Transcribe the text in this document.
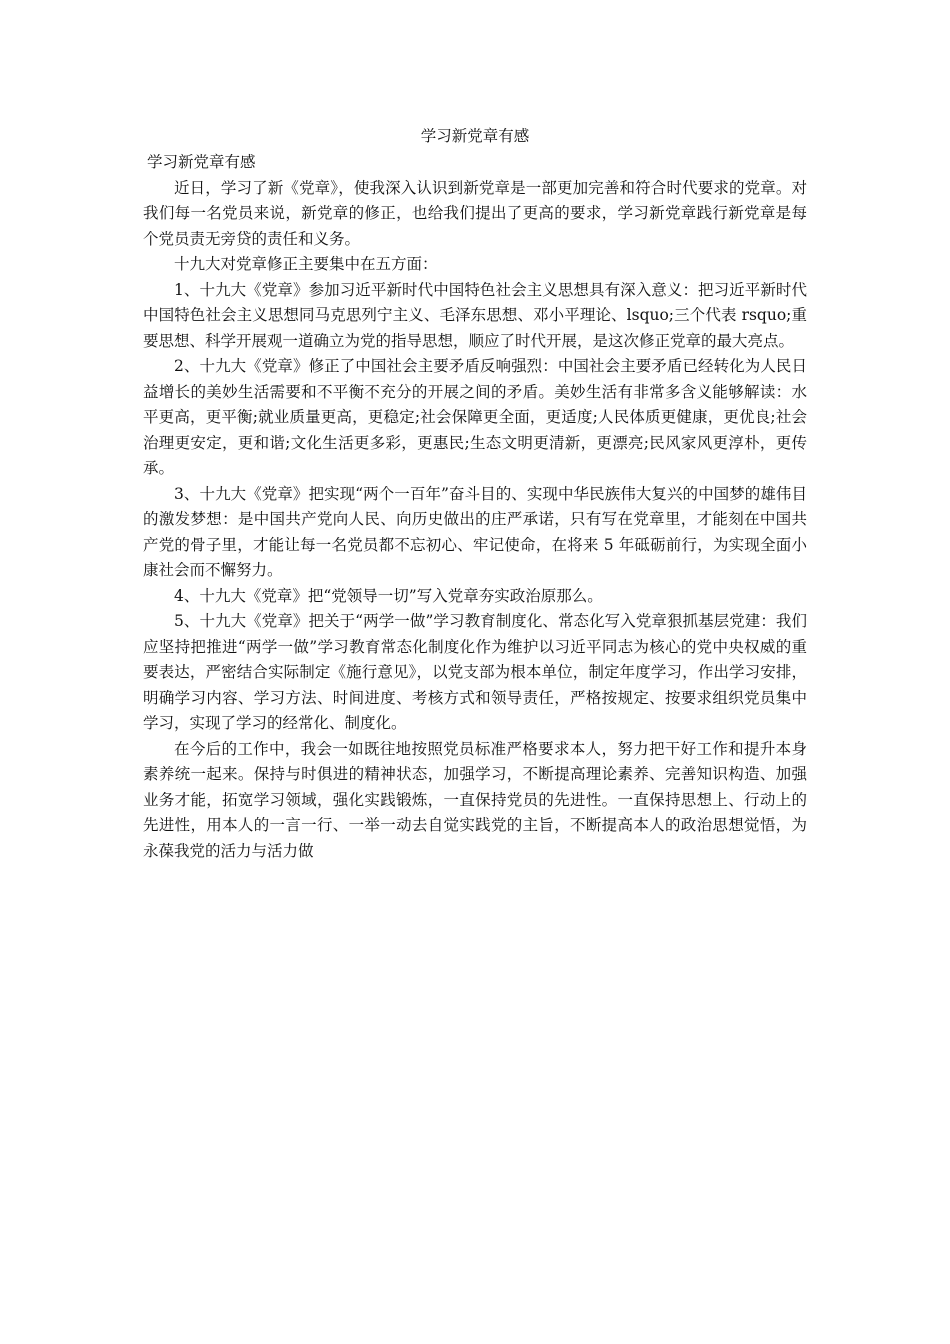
学习新党章有感

学习新党章有感

近日，学习了新《党章》，使我深入认识到新党章是一部更加完善和符合时代要求的党章。对我们每一名党员来说，新党章的修正，也给我们提出了更高的要求，学习新党章践行新党章是每个党员责无旁贷的责任和义务。

十九大对党章修正主要集中在五方面：

1、十九大《党章》参加习近平新时代中国特色社会主义思想具有深入意义：把习近平新时代中国特色社会主义思想同马克思列宁主义、毛泽东思想、邓小平理论、lsquo;三个代表 rsquo;重要思想、科学开展观一道确立为党的指导思想，顺应了时代开展，是这次修正党章的最大亮点。

2、十九大《党章》修正了中国社会主要矛盾反响强烈：中国社会主要矛盾已经转化为人民日益增长的美妙生活需要和不平衡不充分的开展之间的矛盾。美妙生活有非常多含义能够解读：水平更高，更平衡;就业质量更高，更稳定;社会保障更全面，更适度;人民体质更健康，更优良;社会治理更安定，更和谐;文化生活更多彩，更惠民;生态文明更清新，更漂亮;民风家风更淳朴，更传承。

3、十九大《党章》把实现“两个一百年”奋斗目的、实现中华民族伟大复兴的中国梦的雄伟目的激发梦想：是中国共产党向人民、向历史做出的庄严承诺，只有写在党章里，才能刻在中国共产党的骨子里，才能让每一名党员都不忘初心、牢记使命，在将来 5 年砥砺前行，为实现全面小康社会而不懈努力。

4、十九大《党章》把“党领导一切”写入党章夯实政治原那么。

5、十九大《党章》把关于“两学一做”学习教育制度化、常态化写入党章狠抓基层党建：我们应坚持把推进“两学一做”学习教育常态化制度化作为维护以习近平同志为核心的党中央权威的重要表达，严密结合实际制定《施行意见》，以党支部为根本单位，制定年度学习，作出学习安排，明确学习内容、学习方法、时间进度、考核方式和领导责任，严格按规定、按要求组织党员集中学习，实现了学习的经常化、制度化。

在今后的工作中，我会一如既往地按照党员标准严格要求本人，努力把干好工作和提升本身素养统一起来。保持与时俱进的精神状态，加强学习，不断提高理论素养、完善知识构造、加强业务才能，拓宽学习领域，强化实践锻炼，一直保持党员的先进性。一直保持思想上、行动上的先进性，用本人的一言一行、一举一动去自觉实践党的主旨，不断提高本人的政治思想觉悟，为永葆我党的活力与活力做
